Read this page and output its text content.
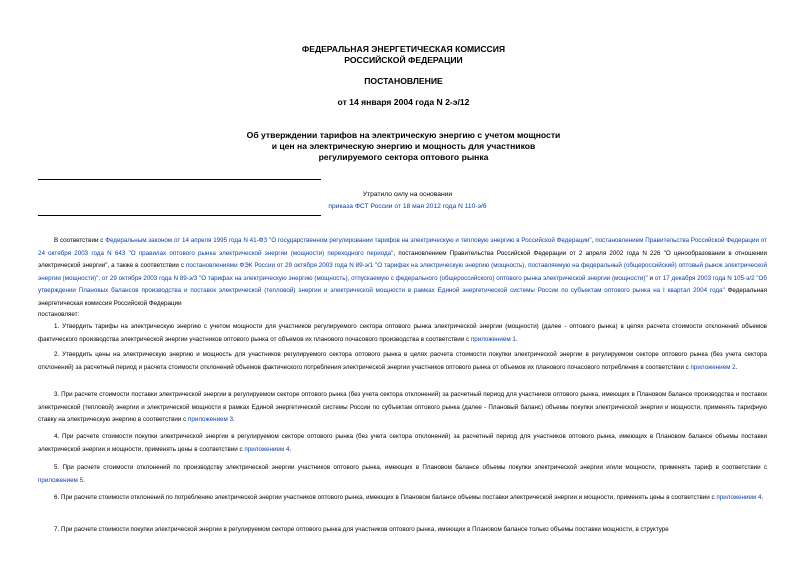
ФЕДЕРАЛЬНАЯ ЭНЕРГЕТИЧЕСКАЯ КОМИССИЯ
РОССИЙСКОЙ ФЕДЕРАЦИИ
ПОСТАНОВЛЕНИЕ
от 14 января 2004 года N 2-э/12
Об утверждении тарифов на электрическую энергию с учетом мощности
и цен на электрическую энергию и мощность для участников
регулируемого сектора оптового рынка
Утратило силу на основании
приказа ФСТ России от 18 мая 2012 года N 110-э/6
В соответствии с Федеральным законом от 14 апреля 1995 года N 41-ФЗ "О государственном регулировании тарифов на электрическую и тепловую энергию в Российской Федерации", постановлением Правительства Российской Федерации от 24 октября 2003 года N 643 "О правилах оптового рынка электрической энергии (мощности) переходного периода", постановлением Правительства Российской Федерации от 2 апреля 2002 года N 226 "О ценообразовании в отношении электрической энергии", а также в соответствии с постановлениями ФЭК России от 29 октября 2003 года N 89-э/1 "О тарифах на электрическую энергию (мощность), поставляемую на федеральный (общероссийский) оптовый рынок электрической энергии (мощности)", от 29 октября 2003 года N 89-э/3 "О тарифах на электрическую энергию (мощность), отпускаемую с федерального (общероссийского) оптового рынка электрической энергии (мощности)" и от 17 декабря 2003 года N 105-э/2 "Об утверждении Плановых балансов производства и поставок электрической (тепловой) энергии и электрической мощности в рамках Единой энергетической системы России по субъектам оптового рынка на I квартал 2004 года" Федеральная энергетическая комиссия Российской Федерации
постановляет:
1. Утвердить тарифы на электрическую энергию с учетом мощности для участников регулируемого сектора оптового рынка электрической энергии (мощности) (далее - оптового рынка) в целях расчета стоимости отклонений объемов фактического производства электрической энергии участников оптового рынка от объемов их планового почасового производства в соответствии с приложением 1.
2. Утвердить цены на электрическую энергию и мощность для участников регулируемого сектора оптового рынка в целях расчета стоимости покупки электрической энергии в регулируемом секторе оптового рынка (без учета сектора отклонений) за расчетный период и расчета стоимости отклонений объемов фактического потребления электрической энергии участников оптового рынка от объемов их планового почасового потребления в соответствии с приложением 2.
3. При расчете стоимости поставки электрической энергии в регулируемом секторе оптового рынка (без учета сектора отклонений) за расчетный период для участников оптового рынка, имеющих в Плановом балансе производства и поставок электрической (тепловой) энергии и электрической мощности в рамках Единой энергетической системы России по субъектам оптового рынка (далее - Плановый баланс) объемы покупки электрической энергии и мощности, применять тарифную ставку на электрическую энергию в соответствии с приложением 3.
4. При расчете стоимости покупки электрической энергии в регулируемом секторе оптового рынка (без учета сектора отклонений) за расчетный период для участников оптового рынка, имеющих в Плановом балансе объемы поставки электрической энергии и мощности, применять цены в соответствии с приложением 4.
5. При расчете стоимости отклонений по производству электрической энергии участников оптового рынка, имеющих в Плановом балансе объемы покупки электрической энергии и/или мощности, применять тариф в соответствии с приложением 5.
6. При расчете стоимости отклонений по потреблению электрической энергии участников оптового рынка, имеющих в Плановом балансе объемы поставки электрической энергии и мощности, применять цены в соответствии с приложением 4.
7. При расчете стоимости покупки электрической энергии в регулируемом секторе оптового рынка для участников оптового рынка, имеющих в Плановом балансе только объемы поставки мощности, в структуре
